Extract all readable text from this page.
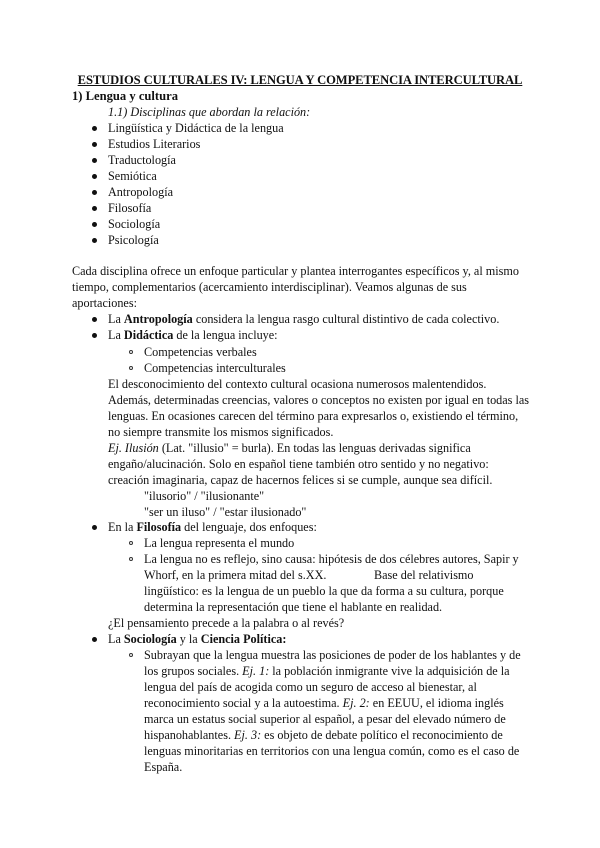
ESTUDIOS CULTURALES IV: LENGUA Y COMPETENCIA INTERCULTURAL
1) Lengua y cultura
1.1) Disciplinas que abordan la relación:
Lingüística y Didáctica de la lengua
Estudios Literarios
Traductología
Semiótica
Antropología
Filosofía
Sociología
Psicología
Cada disciplina ofrece un enfoque particular y plantea interrogantes específicos y, al mismo
tiempo, complementarios (acercamiento interdisciplinar). Veamos algunas de sus
aportaciones:
La Antropología considera la lengua rasgo cultural distintivo de cada colectivo.
La Didáctica de la lengua incluye:
Competencias verbales
Competencias interculturales
El desconocimiento del contexto cultural ocasiona numerosos malentendidos.
Además, determinadas creencias, valores o conceptos no existen por igual en todas las
lenguas. En ocasiones carecen del término para expresarlos o, existiendo el término,
no siempre transmite los mismos significados.
Ej. Ilusión (Lat. "illusio" = burla). En todas las lenguas derivadas significa
engaño/alucinación. Solo en español tiene también otro sentido y no negativo:
creación imaginaria, capaz de hacernos felices si se cumple, aunque sea difícil.
"ilusorio" / "ilusionante"
"ser un iluso" / "estar ilusionado"
En la Filosofía del lenguaje, dos enfoques:
La lengua representa el mundo
La lengua no es reflejo, sino causa: hipótesis de dos célebres autores, Sapir y
Whorf, en la primera mitad del s.XX.	Base del relativismo
lingüístico: es la lengua de un pueblo la que da forma a su cultura, porque
determina la representación que tiene el hablante en realidad.
¿El pensamiento precede a la palabra o al revés?
La Sociología y la Ciencia Política:
Subrayan que la lengua muestra las posiciones de poder de los hablantes y de
los grupos sociales. Ej. 1: la población inmigrante vive la adquisición de la
lengua del país de acogida como un seguro de acceso al bienestar, al
reconocimiento social y a la autoestima. Ej. 2: en EEUU, el idioma inglés
marca un estatus social superior al español, a pesar del elevado número de
hispanohablantes. Ej. 3: es objeto de debate político el reconocimiento de
lenguas minoritarias en territorios con una lengua común, como es el caso de
España.
